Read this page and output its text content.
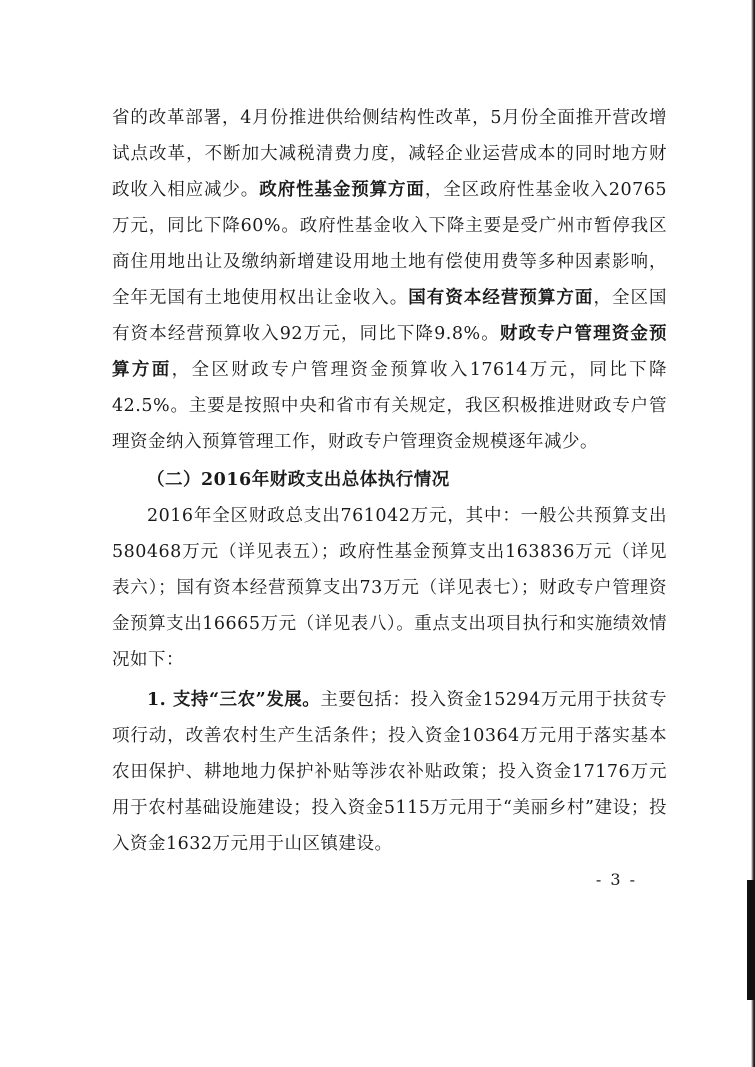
省的改革部署，4月份推进供给侧结构性改革，5月份全面推开营改增试点改革，不断加大减税清费力度，减轻企业运营成本的同时地方财政收入相应减少。政府性基金预算方面，全区政府性基金收入20765万元，同比下降60%。政府性基金收入下降主要是受广州市暂停我区商住用地出让及缴纳新增建设用地土地有偿使用费等多种因素影响，全年无国有土地使用权出让金收入。国有资本经营预算方面，全区国有资本经营预算收入92万元，同比下降9.8%。财政专户管理资金预算方面，全区财政专户管理资金预算收入17614万元，同比下降42.5%。主要是按照中央和省市有关规定，我区积极推进财政专户管理资金纳入预算管理工作，财政专户管理资金规模逐年减少。

（二）2016年财政支出总体执行情况

2016年全区财政总支出761042万元，其中：一般公共预算支出580468万元（详见表五）；政府性基金预算支出163836万元（详见表六）；国有资本经营预算支出73万元（详见表七）；财政专户管理资金预算支出16665万元（详见表八）。重点支出项目执行和实施绩效情况如下：

1. 支持“三农”发展。主要包括：投入资金15294万元用于扶贫专项行动，改善农村生产生活条件；投入资金10364万元用于落实基本农田保护、耕地地力保护补贴等涉农补贴政策；投入资金17176万元用于农村基础设施建设；投入资金5115万元用于“美丽乡村”建设；投入资金1632万元用于山区镇建设。

- 3 -
